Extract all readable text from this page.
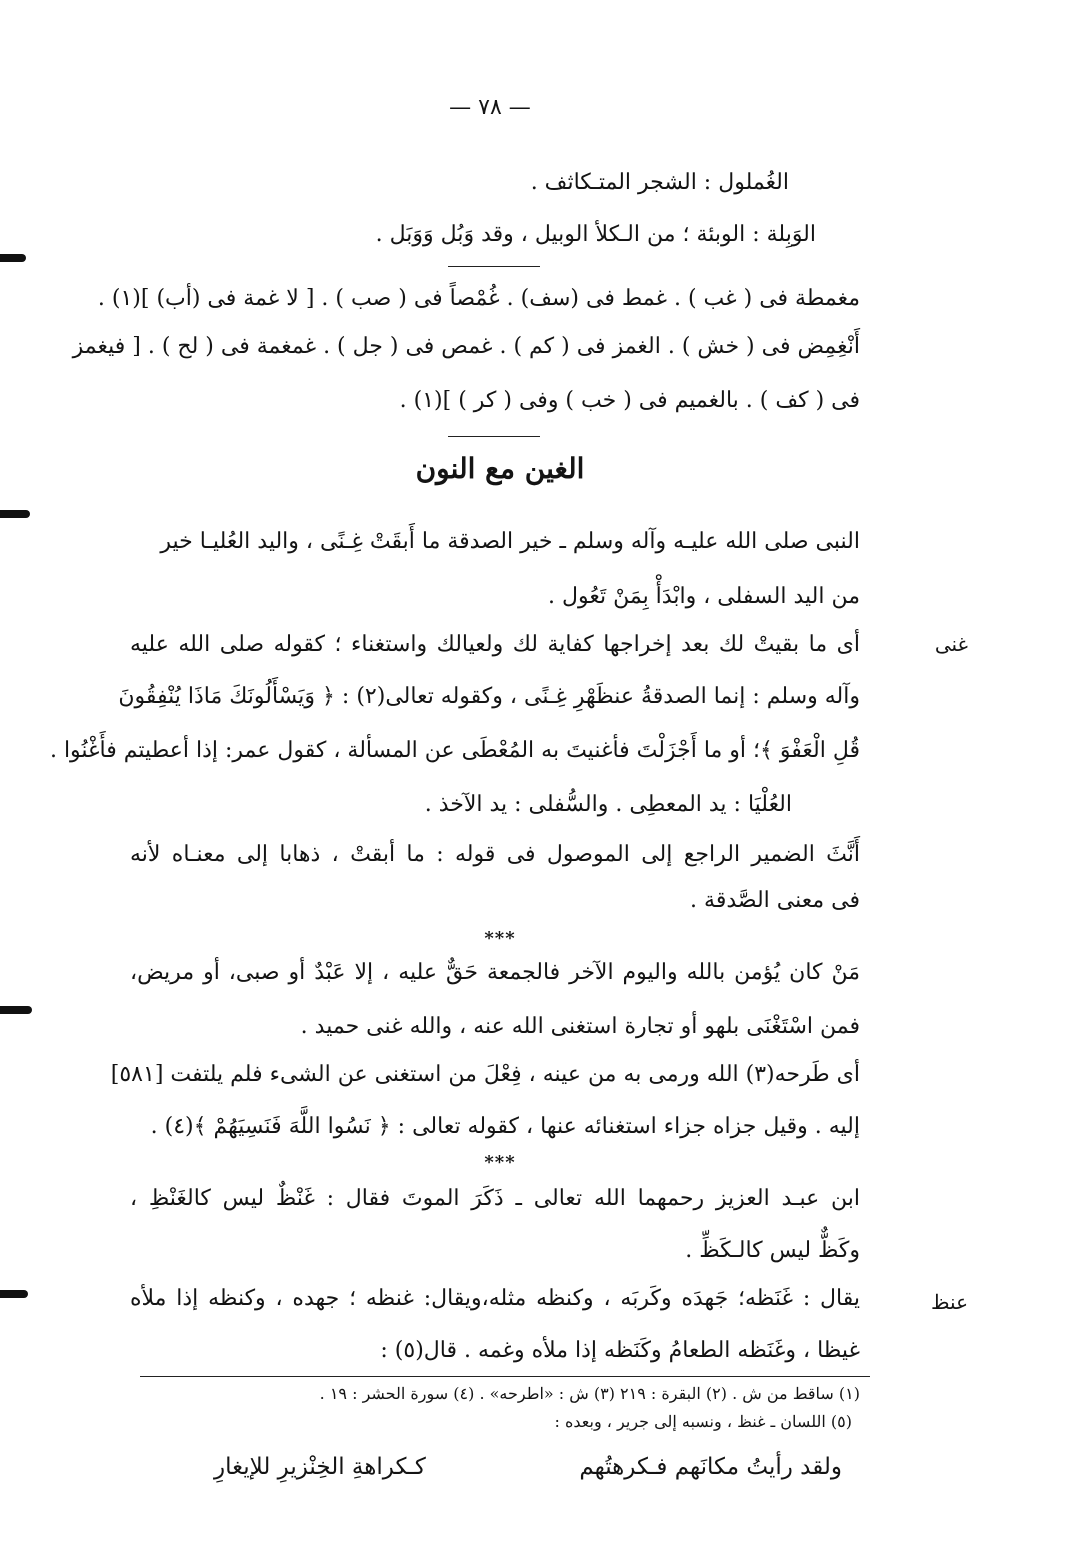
— ٧٨ —
الغُملول : الشجر المتـكاثف .
الوَبِلة : الوبئة ؛ من الـكلأ الوبيل ، وقد وَبُل وَوَبَل .
مغمطة فى ( غب ) . غمط فى (سف) . غُمْصاً فى ( صب ) . [ لا غمة فى (أب) ](١) .
أَنْغِمِض فى ( خش ) . الغمز فى ( كم ) . غمص فى ( جل ) . غمغمة فى ( لح ) . [ فيغمز
فى ( كف ) . بالغميم فى ( خب ) وفى ( كر ) ](١) .
الغين مع النون
النبى صلى الله عليـه وآله وسلم ـ خير الصدقة ما أَبقَتْ غِـنًى ، واليد العُليـا خير
من اليد السفلى ، وابْدَأْ بِمَنْ تَعُول .
غنى
أى ما بقيتْ لك بعد إخراجها كفاية لك ولعيالك واستغناء ؛ كقوله صلى الله عليه
وآله وسلم : إنما الصدقةُ عنظَهْرِ غِـنًى ، وكقوله تعالى(٢) : ﴿ وَيَسْأَلُونَكَ مَاذَا يُنْفِقُونَ
قُلِ الْعَفْوَ ﴾؛ أو ما أَجْزَلْتَ فأغنيتَ به المُعْطَى عن المسألة ، كقول عمر: إذا أعطيتم فأَغْنُوا .
العُلْيَا : يد المعطِى . والسُّفلى : يد الآخذ .
أَنَّثَ الضمير الراجع إلى الموصول فى قوله : ما أبقتْ ، ذهابا إلى معنـاه لأنه
فى معنى الصَّدقة .
***
مَنْ كان يُؤمن بالله واليوم الآخر فالجمعة حَقٌّ عليه ، إلا عَبْدٌ أو صبى، أو مريض،
فمن اسْتَغْنَى بلهو أو تجارة استغنى الله عنه ، والله غنى حميد .
أى طَرحه(٣) الله ورمى به من عينه ، فِعْلَ من استغنى عن الشىء فلم يلتفت [٥٨١]
إليه . وقيل جزاه جزاء استغنائه عنها ، كقوله تعالى : ﴿ نَسُوا اللَّهَ فَنَسِيَهُمْ ﴾(٤) .
***
ابن عبـد العزيز رحمهما الله تعالى ـ ذَكَرَ الموتَ فقال : غَنْظٌ ليس كالغَنْظِ ،
وكَظٌّ ليس كالـكَظِّ .
عنظ
يقال : غَنَظه؛ جَهدَه وكَربَه ، وكنظه مثله،ويقال: غنظه ؛ جهده ، وكنظه إذا ملأه
غيظا ، وغَنَظه الطعامُ وكَنَظه إذا ملأه وغمه . قال(٥) :
(١) ساقط من ش . (٢) البقرة : ٢١٩ (٣) ش : «اطرحه» . (٤) سورة الحشر : ١٩ .
(٥) اللسان ـ غنظ ، ونسبه إلى جرير ، وبعده :
ولقد رأيتُ مكانَهم فـكرهتُهم
كـكراهةِ الخِنْزيرِ للإيغارِ
